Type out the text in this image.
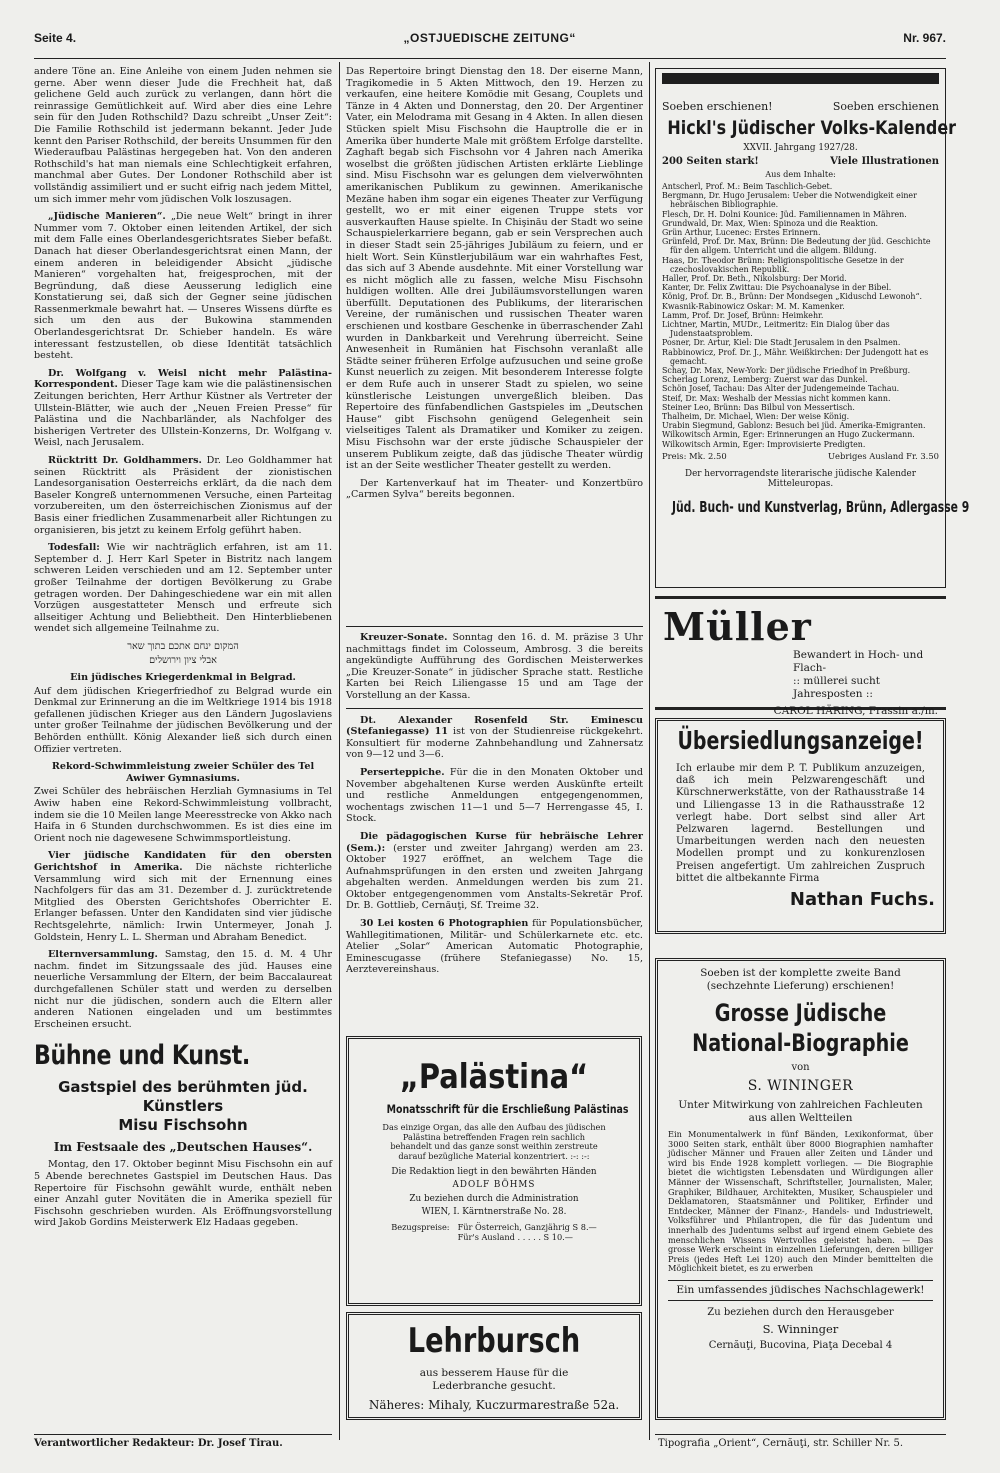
Seite 4.	„OSTJUEDISCHE ZEITUNG“	Nr. 967.

andere Töne an. Eine Anleihe von einem Juden nehmen sie gerne. Aber wenn dieser Jude die Frechheit hat, daß gelichene Geld auch zurück zu verlangen, dann hört die reinrassige Gemütlichkeit auf. Wird aber dies eine Lehre sein für den Juden Rothschild? Dazu schreibt „Unser Zeit“: Die Familie Rothschild ist jedermann bekannt. Jeder Jude kennt den Pariser Rothschild, der bereits Unsummen für den Wiederaufbau Palästinas hergegeben hat. Von den anderen Rothschild's hat man niemals eine Schlechtigkeit erfahren, manchmal aber Gutes. Der Londoner Rothschild aber ist vollständig assimiliert und er sucht eifrig nach jedem Mittel, um sich immer mehr vom jüdischen Volk loszusagen.

„Jüdische Manieren“. „Die neue Welt“ bringt in ihrer Nummer vom 7. Oktober einen leitenden Artikel, der sich mit dem Falle eines Oberlandesgerichtsrates Sieber befaßt. Danach hat dieser Oberlandesgerichtsrat einen Mann, der einem anderen in beleidigender Absicht „jüdische Manieren“ vorgehalten hat, freigesprochen, mit der Begründung, daß diese Aeusserung lediglich eine Konstatierung sei, daß sich der Gegner seine jüdischen Rassenmerkmale bewahrt hat. — Unseres Wissens dürfte es sich um den aus der Bukowina stammenden Oberlandesgerichtsrat Dr. Schieber handeln. Es wäre interessant festzustellen, ob diese Identität tatsächlich besteht.

Dr. Wolfgang v. Weisl nicht mehr Palästina-Korrespondent. Dieser Tage kam wie die palästinensischen Zeitungen berichten, Herr Arthur Küstner als Vertreter der Ullstein-Blätter, wie auch der „Neuen Freien Presse“ für Palästina und die Nachbarländer, als Nachfolger des bisherigen Vertreter des Ullstein-Konzerns, Dr. Wolfgang v. Weisl, nach Jerusalem.

Rücktritt Dr. Goldhammers. Dr. Leo Goldhammer hat seinen Rücktritt als Präsident der zionistischen Landesorganisation Oesterreichs erklärt, da die nach dem Baseler Kongreß unternommenen Versuche, einen Parteitag vorzubereiten, um den österreichischen Zionismus auf der Basis einer friedlichen Zusammenarbeit aller Richtungen zu organisieren, bis jetzt zu keinem Erfolg geführt haben.

Todesfall: Wie wir nachträglich erfahren, ist am 11. September d. J. Herr Karl Speter in Bistritz nach langem schweren Leiden verschieden und am 12. September unter großer Teilnahme der dortigen Bevölkerung zu Grabe getragen worden. Der Dahingeschiedene war ein mit allen Vorzügen ausgestatteter Mensch und erfreute sich allseitiger Achtung und Beliebtheit. Den Hinterbliebenen wendet sich allgemeine Teilnahme zu.

המקום ינחם אתכם בתוך שאר

אבלי ציון וירושלים

Ein jüdisches Kriegerdenkmal in Belgrad.

Auf dem jüdischen Kriegerfriedhof zu Belgrad wurde ein Denkmal zur Erinnerung an die im Weltkriege 1914 bis 1918 gefallenen jüdischen Krieger aus den Ländern Jugoslaviens unter großer Teilnahme der jüdischen Bevölkerung und der Behörden enthüllt. König Alexander ließ sich durch einen Offizier vertreten.

Rekord-Schwimmleistung zweier Schüler des Tel Awiwer Gymnasiums.

Zwei Schüler des hebräischen Herzliah Gymnasiums in Tel Awiw haben eine Rekord-Schwimmleistung vollbracht, indem sie die 10 Meilen lange Meeresstrecke von Akko nach Haifa in 6 Stunden durchschwommen. Es ist dies eine im Orient noch nie dagewesene Schwimmsportleistung.

Vier jüdische Kandidaten für den obersten Gerichtshof in Amerika. Die nächste richterliche Versammlung wird sich mit der Ernennung eines Nachfolgers für das am 31. Dezember d. J. zurücktretende Mitglied des Obersten Gerichtshofes Oberrichter E. Erlanger befassen. Unter den Kandidaten sind vier jüdische Rechtsgelehrte, nämlich: Irwin Untermeyer, Jonah J. Goldstein, Henry L. L. Sherman und Abraham Benedict.

Elternversammlung. Samstag, den 15. d. M. 4 Uhr nachm. findet im Sitzungssaale des jüd. Hauses eine neuerliche Versammlung der Eltern, der beim Baccalaureat durchgefallenen Schüler statt und werden zu derselben nicht nur die jüdischen, sondern auch die Eltern aller anderen Nationen eingeladen und um bestimmtes Erscheinen ersucht.

Bühne und Kunst.
Gastspiel des berühmten jüd. Künstlers
Misu Fischsohn
Im Festsaale des „Deutschen Hauses“.

Montag, den 17. Oktober beginnt Misu Fischsohn ein auf 5 Abende berechnetes Gastspiel im Deutschen Haus. Das Repertoire für Fischsohn gewählt wurde, enthält neben einer Anzahl guter Novitäten die in Amerika speziell für Fischsohn geschrieben wurden. Als Eröffnungsvorstellung wird Jakob Gordins Meisterwerk Elz Hadaas gegeben.

Verantwortlicher Redakteur: Dr. Josef Tirau.

Das Repertoire bringt Dienstag den 18. Der eiserne Mann, Tragikomedie in 5 Akten Mittwoch, den 19. Herzen zu verkaufen, eine heitere Komödie mit Gesang, Couplets und Tänze in 4 Akten und Donnerstag, den 20. Der Argentiner Vater, ein Melodrama mit Gesang in 4 Akten. In allen diesen Stücken spielt Misu Fischsohn die Hauptrolle die er in Amerika über hunderte Male mit größtem Erfolge darstellte. Zaghaft begab sich Fischsohn vor 4 Jahren nach Amerika woselbst die größten jüdischen Artisten erklärte Lieblinge sind. Misu Fischsohn war es gelungen dem vielverwöhnten amerikanischen Publikum zu gewinnen. Amerikanische Mezäne haben ihm sogar ein eigenes Theater zur Verfügung gestellt, wo er mit einer eigenen Truppe stets vor ausverkauften Hause spielte. In Chişinău der Stadt wo seine Schauspielerkarriere begann, gab er sein Versprechen auch in dieser Stadt sein 25-jähriges Jubiläum zu feiern, und er hielt Wort. Sein Künstlerjubiläum war ein wahrhaftes Fest, das sich auf 3 Abende ausdehnte. Mit einer Vorstellung war es nicht möglich alle zu fassen, welche Misu Fischsohn huldigen wollten. Alle drei Jubiläumsvorstellungen waren überfüllt. Deputationen des Publikums, der literarischen Vereine, der rumänischen und russischen Theater waren erschienen und kostbare Geschenke in überraschender Zahl wurden in Dankbarkeit und Verehrung überreicht. Seine Anwesenheit in Rumänien hat Fischsohn veranlaßt alle Städte seiner früheren Erfolge aufzusuchen und seine große Kunst neuerlich zu zeigen. Mit besonderem Interesse folgte er dem Rufe auch in unserer Stadt zu spielen, wo seine künstlerische Leistungen unvergeßlich bleiben. Das Repertoire des fünfabendlichen Gastspieles im „Deutschen Hause“ gibt Fischsohn genügend Gelegenheit sein vielseitiges Talent als Dramatiker und Komiker zu zeigen. Misu Fischsohn war der erste jüdische Schauspieler der unserem Publikum zeigte, daß das jüdische Theater würdig ist an der Seite westlicher Theater gestellt zu werden.

Der Kartenverkauf hat im Theater- und Konzertbüro „Carmen Sylva“ bereits begonnen.

Kreuzer-Sonate. Sonntag den 16. d. M. präzise 3 Uhr nachmittags findet im Colosseum, Ambrosg. 3 die bereits angekündigte Aufführung des Gordischen Meisterwerkes „Die Kreuzer-Sonate“ in jüdischer Sprache statt. Restliche Karten bei Reich Liliengasse 15 und am Tage der Vorstellung an der Kassa.

Dt. Alexander Rosenfeld Str. Eminescu (Stefaniegasse) 11 ist von der Studienreise rückgekehrt. Konsultiert für moderne Zahnbehandlung und Zahnersatz von 9—12 und 3—6.

Perserteppiche. Für die in den Monaten Oktober und November abgehaltenen Kurse werden Auskünfte erteilt und restliche Anmeldungen entgegengenommen, wochentags zwischen 11—1 und 5—7 Herrengasse 45, I. Stock.

Die pädagogischen Kurse für hebräische Lehrer (Sem.): (erster und zweiter Jahrgang) werden am 23. Oktober 1927 eröffnet, an welchem Tage die Aufnahmsprüfungen in den ersten und zweiten Jahrgang abgehalten werden. Anmeldungen werden bis zum 21. Oktober entgegengenommen vom Anstalts-Sekretär Prof. Dr. B. Gottlieb, Cernăuţi, Sf. Treime 32.

30 Lei kosten 6 Photographien für Populationsbücher, Wahllegitimationen, Militär- und Schülerkarnete etc. etc. Atelier „Solar“ American Automatic Photographie, Eminescugasse (frühere Stefaniegasse) No. 15, Aerztevereinshaus.

„Palästina“
Monatsschrift für die Erschließung Palästinas
Das einzige Organ, das alle den Aufbau des jüdischen Palästina betreffenden Fragen rein sachlich behandelt und das ganze sonst weithin zerstreute darauf bezügliche Material konzentriert. :-: :-:
Die Redaktion liegt in den bewährten Händen
ADOLF BÖHMS
Zu beziehen durch die Administration
WIEN, I. Kärntnerstraße No. 28.
Bezugspreise: Für Österreich, Ganzjährig S 8.—
Für's Ausland . . . . . S 10.—
Lehrbursch
aus besserem Hause für die Lederbranche gesucht.
Näheres: Mihaly, Kuczurmarestraße 52a.
Soeben erschienen!	Soeben erschienen
Hickl's Jüdischer Volks-Kalender
XXVII. Jahrgang 1927/28.
200 Seiten stark!	Viele Illustrationen
Aus dem Inhalte:
Antscherl, Prof. M.: Beim Taschlich-Gebet.
Bergmann, Dr. Hugo Jerusalem: Ueber die Notwendigkeit einer hebräischen Bibliographie.
Flesch, Dr. H. Dolni Kounice: Jüd. Familiennamen in Mähren.
Grundwald, Dr. Max, Wien: Spinoza und die Reaktion.
Grün Arthur, Lucenec: Erstes Erinnern.
Grünfeld, Prof. Dr. Max, Brünn: Die Bedeutung der jüd. Geschichte für den allgem. Unterricht und die allgem. Bildung.
Haas, Dr. Theodor Brünn: Religionspolitische Gesetze in der czechoslovakischen Republik.
Haller, Prof. Dr. Beth., Nikolsburg: Der Morid.
Kanter, Dr. Felix Zwittau: Die Psychoanalyse in der Bibel.
König, Prof. Dr. B., Brünn: Der Mondsegen „Kiduschd Lewonoh“.
Kwasnik-Rabinowicz Oskar: M. M. Kamenker.
Lamm, Prof. Dr. Josef, Brünn: Heimkehr.
Lichtner, Martin, MUDr., Leitmeritz: Ein Dialog über das Judenstaatsproblem.
Posner, Dr. Artur, Kiel: Die Stadt Jerusalem in den Psalmen.
Rabbinowicz, Prof. Dr. J., Mähr. Weißkirchen: Der Judengott hat es gemacht.
Schay, Dr. Max, New-York: Der jüdische Friedhof in Preßburg.
Scherlag Lorenz, Lemberg: Zuerst war das Dunkel.
Schön Josef, Tachau: Das Alter der Judengemeinde Tachau.
Steif, Dr. Max: Weshalb der Messias nicht kommen kann.
Steiner Leo, Brünn: Das Bilbul von Messertisch.
Thalheim, Dr. Michael, Wien: Der weise König.
Urabin Siegmund, Gablonz: Besuch bei jüd. Amerika-Emigranten.
Wilkowitsch Armin, Eger: Erinnerungen an Hugo Zuckermann.
Wilkowitsch Armin, Eger: Improvisierte Predigten.
Preis: Mk. 2.50	Uebriges Ausland Fr. 3.50
Der hervorragendste literarische jüdische Kalender Mitteleuropas.
Jüd. Buch- und Kunstverlag, Brünn, Adlergasse 9
Müller
Bewandert in Hoch- und Flach-
:: müllerei sucht Jahresposten ::
CAROL HÄRING, Frassin a./m.
Übersiedlungsanzeige!
Ich erlaube mir dem P. T. Publikum anzuzeigen, daß ich mein Pelzwarengeschäft und Kürschnerwerkstätte, von der Rathausstraße 14 und Liliengasse 13 in die Rathausstraße 12 verlegt habe. Dort selbst sind aller Art Pelzwaren lagernd. Bestellungen und Umarbeitungen werden nach den neuesten Modellen prompt und zu konkurenzlosen Preisen angefertigt. Um zahlreichen Zuspruch bittet die altbekannte Firma
Nathan Fuchs.
Soeben ist der komplette zweite Band (sechzehnte Lieferung) erschienen!
Grosse Jüdische
National-Biographie
von
S. WININGER
Unter Mitwirkung von zahlreichen Fachleuten aus allen Weltteilen
Ein Monumentalwerk in fünf Bänden, Lexikonformat, über 3000 Seiten stark, enthält über 8000 Biographien namhafter jüdischer Männer und Frauen aller Zeiten und Länder und wird bis Ende 1928 komplett vorliegen. — Die Biographie bietet die wichtigsten Lebensdaten und Würdigungen aller Männer der Wissenschaft, Schriftsteller, Journalisten, Maler, Graphiker, Bildhauer, Architekten, Musiker, Schauspieler und Deklamatoren, Staatsmänner und Politiker, Erfinder und Entdecker, Männer der Finanz-, Handels- und Industriewelt, Volksführer und Philantropen, die für das Judentum und innerhalb des Judentums selbst auf irgend einem Gebiete des menschlichen Wissens Wertvolles geleistet haben. — Das grosse Werk erscheint in einzelnen Lieferungen, deren billiger Preis (jedes Heft Lei 120) auch den Minder bemittelten die Möglichkeit bietet, es zu erwerben
Ein umfassendes jüdisches Nachschlagewerk!
Zu beziehen durch den Herausgeber
S. Winninger
Cernăuţi, Bucovina, Piaţa Decebal 4
Tipografia „Orient“, Cernăuţi, str. Schiller Nr. 5.
